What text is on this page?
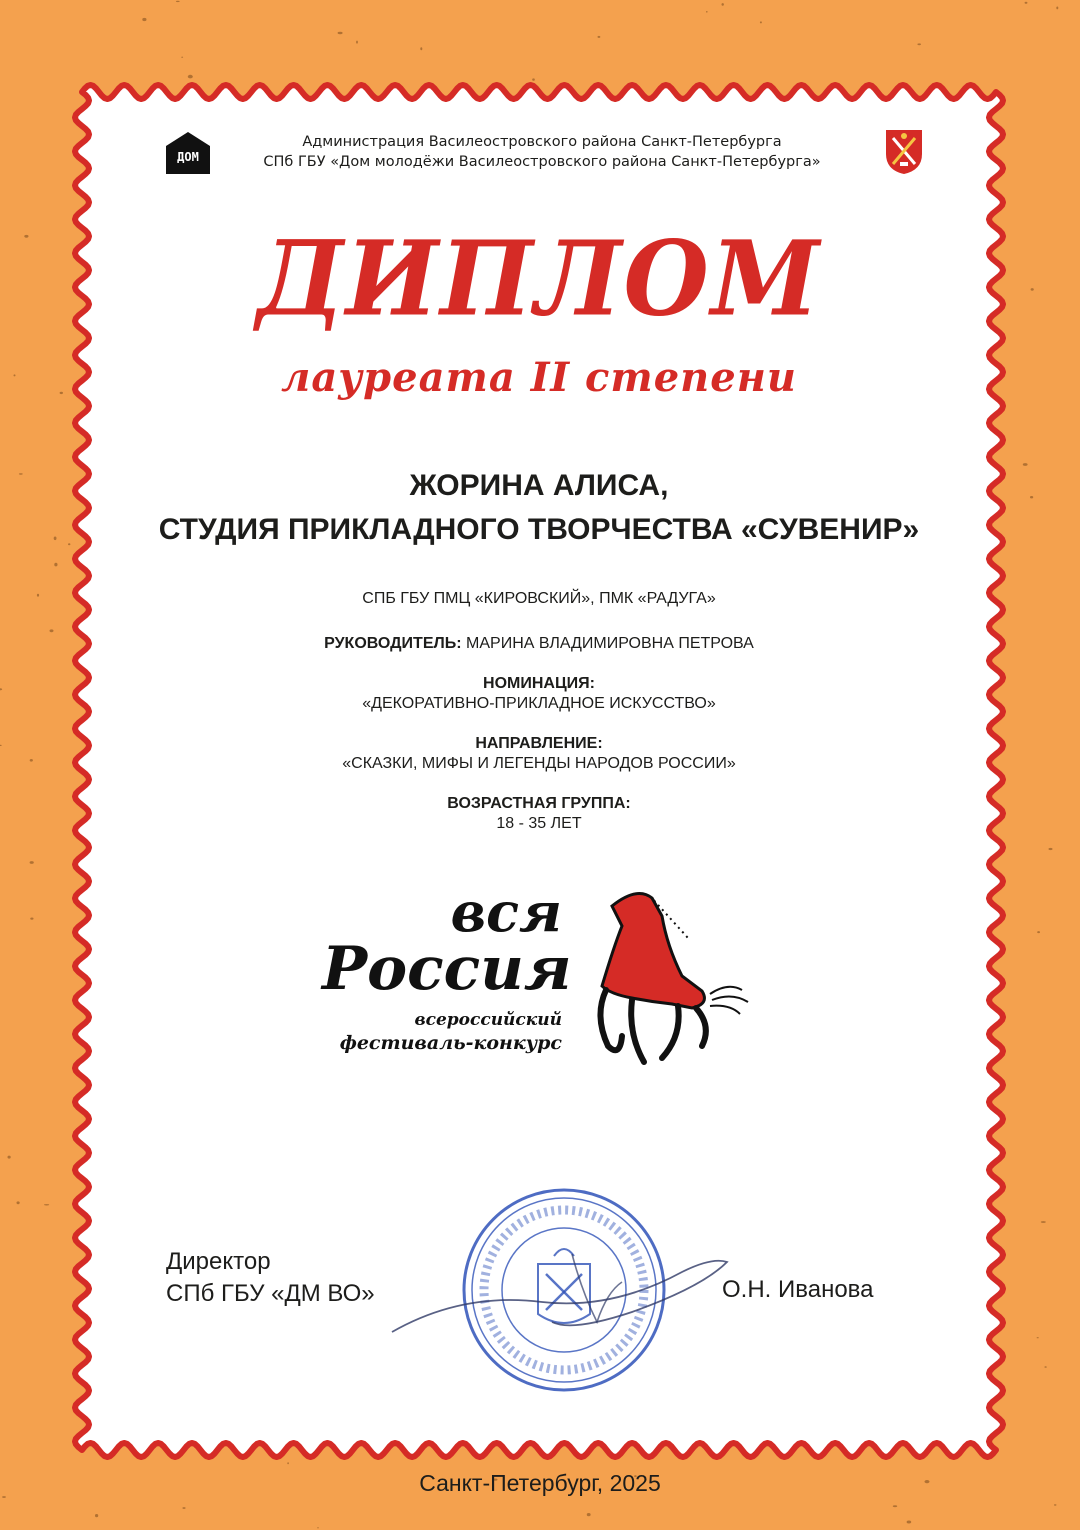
ДОМ
Администрация Василеостровского района Санкт-Петербурга
СПб ГБУ «Дом молодёжи Василеостровского района Санкт-Петербурга»
ДИПЛОМ
лауреата II степени
ЖОРИНА АЛИСА,
СТУДИЯ ПРИКЛАДНОГО ТВОРЧЕСТВА «СУВЕНИР»
СПБ ГБУ ПМЦ «КИРОВСКИЙ», ПМК «РАДУГА»
РУКОВОДИТЕЛЬ: МАРИНА ВЛАДИМИРОВНА ПЕТРОВА
НОМИНАЦИЯ:
«ДЕКОРАТИВНО-ПРИКЛАДНОЕ ИСКУССТВО»
НАПРАВЛЕНИЕ:
«СКАЗКИ, МИФЫ И ЛЕГЕНДЫ НАРОДОВ РОССИИ»
ВОЗРАСТНАЯ ГРУППА:
18 - 35 ЛЕТ
вся
Россия
всероссийский
фестиваль-конкурс
Директор
СПб ГБУ «ДМ ВО»	О.Н. Иванова
Санкт-Петербург, 2025
